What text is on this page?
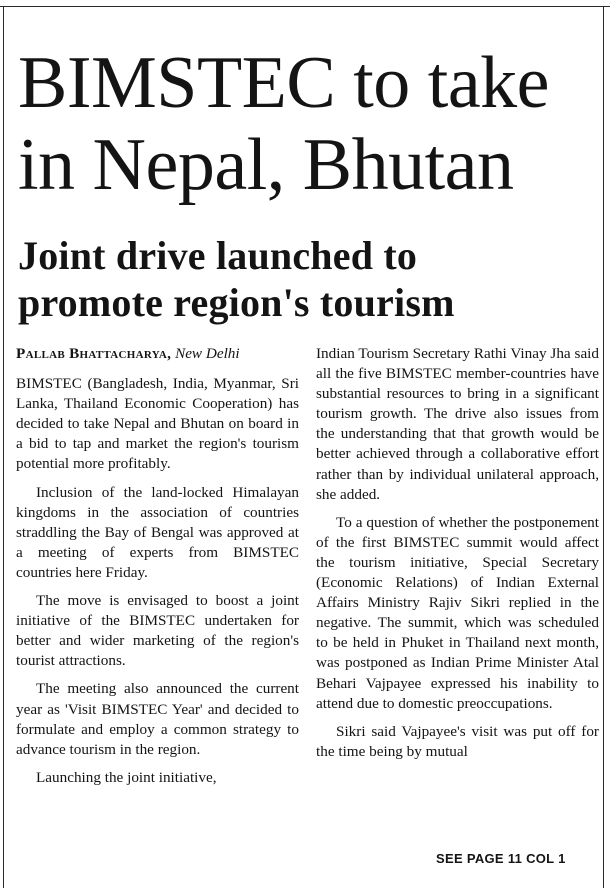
BIMSTEC to take
in Nepal, Bhutan
Joint drive launched to
promote region's tourism
Pallab Bhattacharya, New Delhi

BIMSTEC (Bangladesh, India, Myanmar, Sri Lanka, Thailand Economic Cooperation) has decided to take Nepal and Bhutan on board in a bid to tap and market the region's tourism potential more profitably.

Inclusion of the land-locked Himalayan kingdoms in the association of countries straddling the Bay of Bengal was approved at a meeting of experts from BIMSTEC countries here Friday.

The move is envisaged to boost a joint initiative of the BIMSTEC undertaken for better and wider marketing of the region's tourist attractions.

The meeting also announced the current year as 'Visit BIMSTEC Year' and decided to formulate and employ a common strategy to advance tourism in the region.

Launching the joint initiative,

Indian Tourism Secretary Rathi Vinay Jha said all the five BIMSTEC member-countries have substantial resources to bring in a significant tourism growth. The drive also issues from the understanding that that growth would be better achieved through a collaborative effort rather than by individual unilateral approach, she added.

To a question of whether the postponement of the first BIMSTEC summit would affect the tourism initiative, Special Secretary (Economic Relations) of Indian External Affairs Ministry Rajiv Sikri replied in the negative. The summit, which was scheduled to be held in Phuket in Thailand next month, was postponed as Indian Prime Minister Atal Behari Vajpayee expressed his inability to attend due to domestic preoccupations.

Sikri said Vajpayee's visit was put off for the time being by mutual

SEE PAGE 11 COL 1
